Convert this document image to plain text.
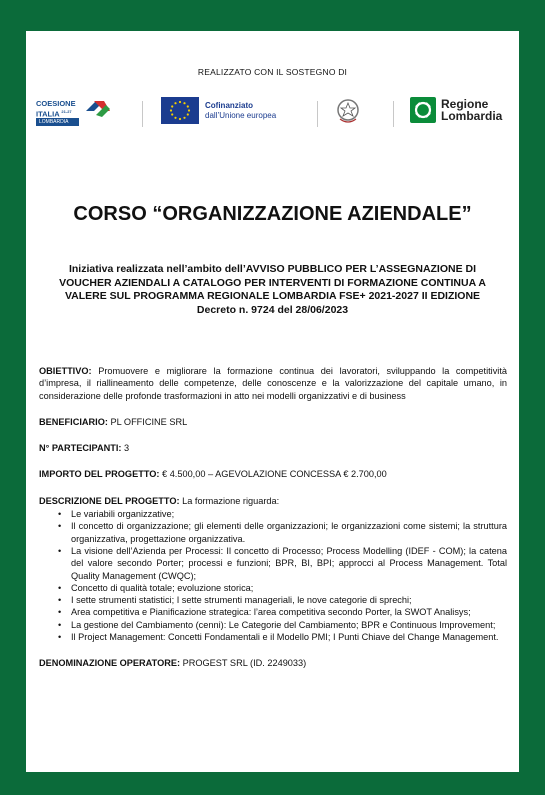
REALIZZATO CON IL SOSTEGNO DI
COESIONE
ITALIA $^{21-27}$
LOMBARDIA
Cofinanziato
dall’Unione europea
Regione
Lombardia
CORSO “ORGANIZZAZIONE AZIENDALE”
Iniziativa realizzata nell’ambito dell’AVVISO PUBBLICO PER L’ASSEGNAZIONE DI
VOUCHER AZIENDALI A CATALOGO PER INTERVENTI DI FORMAZIONE CONTINUA A
VALERE SUL PROGRAMMA REGIONALE LOMBARDIA FSE+ 2021-2027 II EDIZIONE
Decreto n. 9724 del 28/06/2023

OBIETTIVO: Promuovere e migliorare la formazione continua dei lavoratori, sviluppando la competitività d’impresa, il riallineamento delle competenze, delle conoscenze e la valorizzazione del capitale umano, in considerazione delle profonde trasformazioni in atto nei modelli organizzativi e di business

BENEFICIARIO: PL OFFICINE SRL

N° PARTECIPANTI: 3

IMPORTO DEL PROGETTO: € 4.500,00 – AGEVOLAZIONE CONCESSA € 2.700,00

DESCRIZIONE DEL PROGETTO: La formazione riguarda:

• Le variabili organizzative;
• Il concetto di organizzazione; gli elementi delle organizzazioni; le organizzazioni come sistemi; la struttura organizzativa, progettazione organizzativa.
• La visione dell’Azienda per Processi: Il concetto di Processo; Process Modelling (IDEF - COM); la catena del valore secondo Porter; processi e funzioni; BPR, BI, BPI; approcci al Process Management. Total Quality Management (CWQC);
• Concetto di qualità totale; evoluzione storica;
• I sette strumenti statistici; I sette strumenti manageriali, le nove categorie di sprechi;
• Area competitiva e Pianificazione strategica: l’area competitiva secondo Porter, la SWOT Analisys;
• La gestione del Cambiamento (cenni): Le Categorie del Cambiamento; BPR e Continuous Improvement;
• Il Project Management: Concetti Fondamentali e il Modello PMI; I Punti Chiave del Change Management.

DENOMINAZIONE OPERATORE: PROGEST SRL (ID. 2249033)
